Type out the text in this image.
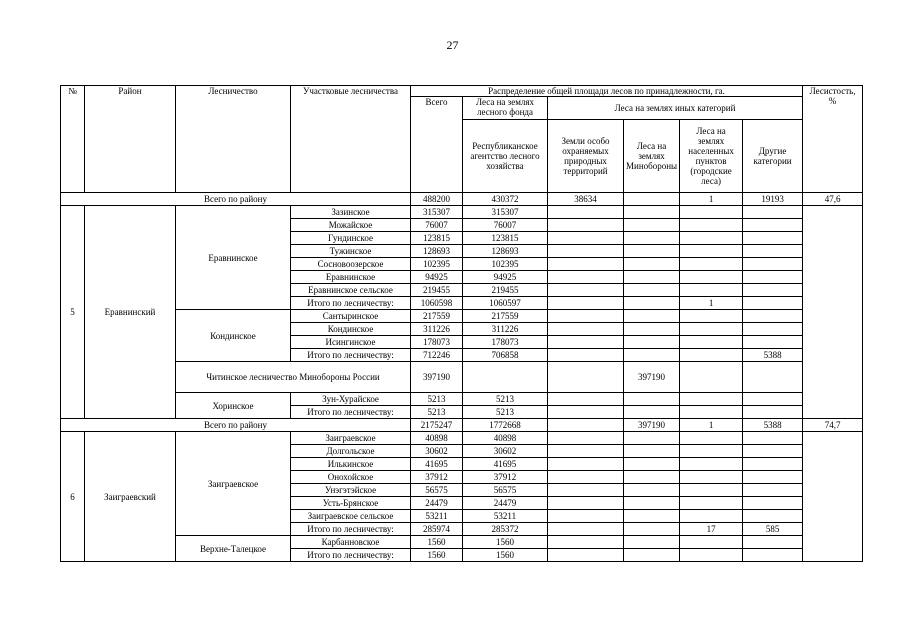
27
№	Район	Лесничество	Участковые лесничества	Распределение общей площади лесов по принадлежности, га.						Лесистость, %
				Всего	Леса на землях лесного фонда	Леса на землях иных категорий				
					Республиканское агентство лесного хозяйства	Земли особо охраняемых природных территорий	Леса на землях Минобороны	Леса на землях населенных пунктов (городские леса)	Другие категории	
Всего по району				488200	430372	38634		1	19193	47,6
5	Еравнинский	Еравнинское	Зазинское	315307	315307					
			Можайское	76007	76007					
			Гундинское	123815	123815					
			Тужинское	128693	128693					
			Сосновоозерское	102395	102395					
			Еравнинское	94925	94925					
			Еравнинское сельское	219455	219455					
			Итого по лесничеству:	1060598	1060597			1		
		Кондинское	Сантыринское	217559	217559					
			Кондинское	311226	311226					
			Исингинское	178073	178073					
			Итого по лесничеству:	712246	706858				5388	
		Читинское лесничество Минобороны России		397190			397190			
		Хоринское	Зун-Хурайское	5213	5213					
			Итого по лесничеству:	5213	5213					
Всего по району				2175247	1772668		397190	1	5388	74,7
6	Заиграевский	Заиграевское	Заиграевское	40898	40898					
			Долгольское	30602	30602					
			Илькинское	41695	41695					
			Онохойское	37912	37912					
			Унэгэтэйское	56575	56575					
			Усть-Брянское	24479	24479					
			Заиграевское сельское	53211	53211					
			Итого по лесничеству:	285974	285372			17	585	
		Верхне-Талецкое	Карбанновское	1560	1560					
			Итого по лесничеству:	1560	1560					
